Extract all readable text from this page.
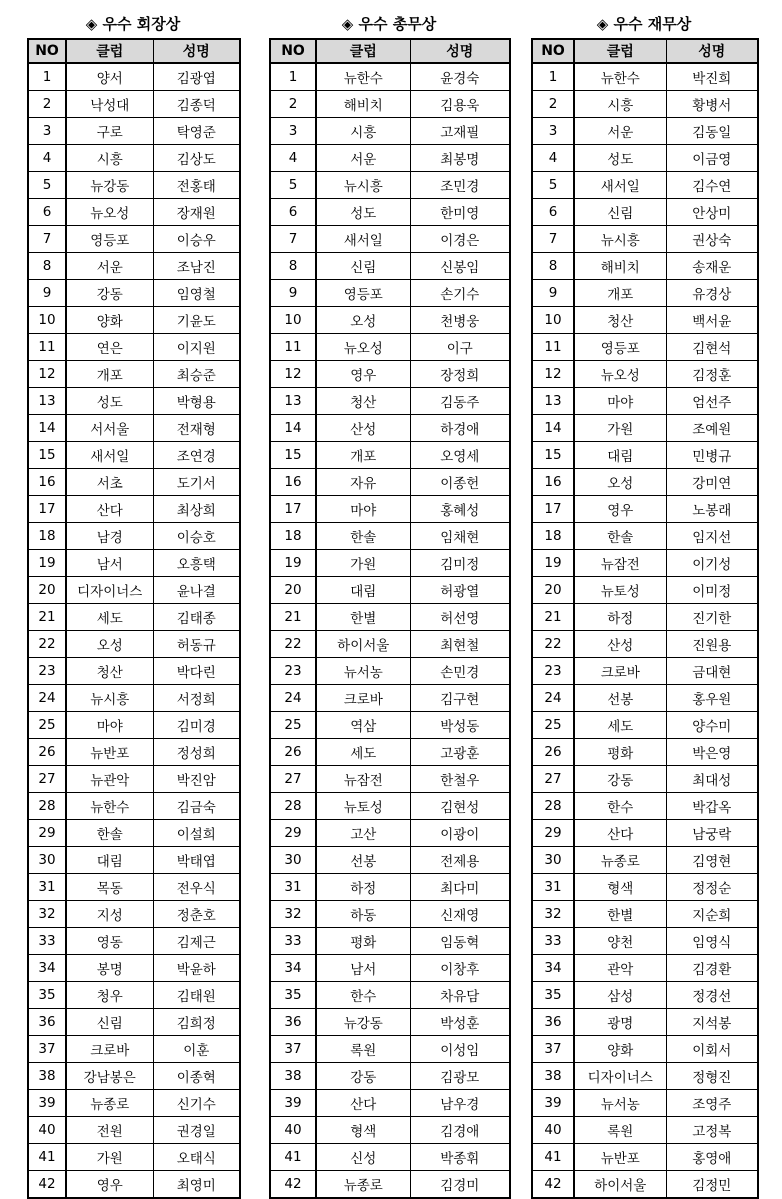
◈ 우수 회장상
NO	클럽	성명
1	양서	김광엽
2	낙성대	김종덕
3	구로	탁영준
4	시흥	김상도
5	뉴강동	전홍태
6	뉴오성	장재원
7	영등포	이승우
8	서운	조남진
9	강동	임영철
10	양화	기윤도
11	연은	이지원
12	개포	최승준
13	성도	박형용
14	서서울	전재형
15	새서일	조연경
16	서초	도기서
17	산다	최상희
18	남경	이승호
19	남서	오흥택
20	디자이너스	윤나결
21	세도	김태종
22	오성	허동규
23	청산	박다린
24	뉴시흥	서정희
25	마야	김미경
26	뉴반포	정성희
27	뉴관악	박진암
28	뉴한수	김금숙
29	한솔	이설희
30	대림	박태엽
31	목동	전우식
32	지성	정춘호
33	영동	김제근
34	봉명	박윤하
35	청우	김태원
36	신림	김희정
37	크로바	이훈
38	강남봉은	이종혁
39	뉴종로	신기수
40	전원	권경일
41	가원	오태식
42	영우	최영미
◈ 우수 총무상
NO	클럽	성명
1	뉴한수	윤경숙
2	해비치	김용욱
3	시흥	고재필
4	서운	최봉명
5	뉴시흥	조민경
6	성도	한미영
7	새서일	이경은
8	신림	신봉임
9	영등포	손기수
10	오성	천병웅
11	뉴오성	이구
12	영우	장정희
13	청산	김동주
14	산성	하경애
15	개포	오영세
16	자유	이종헌
17	마야	홍혜성
18	한솔	임채현
19	가원	김미정
20	대림	허광열
21	한별	허선영
22	하이서울	최현철
23	뉴서농	손민경
24	크로바	김구현
25	역삼	박성동
26	세도	고광훈
27	뉴잠전	한철우
28	뉴토성	김현성
29	고산	이광이
30	선봉	전제용
31	하정	최다미
32	하동	신재영
33	평화	임동혁
34	남서	이창후
35	한수	차유담
36	뉴강동	박성훈
37	록원	이성임
38	강동	김광모
39	산다	남우경
40	형색	김경애
41	신성	박종휘
42	뉴종로	김경미
◈ 우수 재무상
NO	클럽	성명
1	뉴한수	박진희
2	시흥	황병서
3	서운	김동일
4	성도	이금영
5	새서일	김수연
6	신림	안상미
7	뉴시흥	권상숙
8	해비치	송재운
9	개포	유경상
10	청산	백서윤
11	영등포	김현석
12	뉴오성	김정훈
13	마야	엄선주
14	가원	조예원
15	대림	민병규
16	오성	강미연
17	영우	노봉래
18	한솔	임지선
19	뉴잠전	이기성
20	뉴토성	이미정
21	하정	진기한
22	산성	진원용
23	크로바	금대현
24	선봉	홍우원
25	세도	양수미
26	평화	박은영
27	강동	최대성
28	한수	박갑옥
29	산다	남궁락
30	뉴종로	김영현
31	형색	정정순
32	한별	지순희
33	양천	임영식
34	관악	김경환
35	삼성	정경선
36	광명	지석봉
37	양화	이회서
38	디자이너스	정형진
39	뉴서농	조영주
40	록원	고정복
41	뉴반포	홍영애
42	하이서울	김정민
